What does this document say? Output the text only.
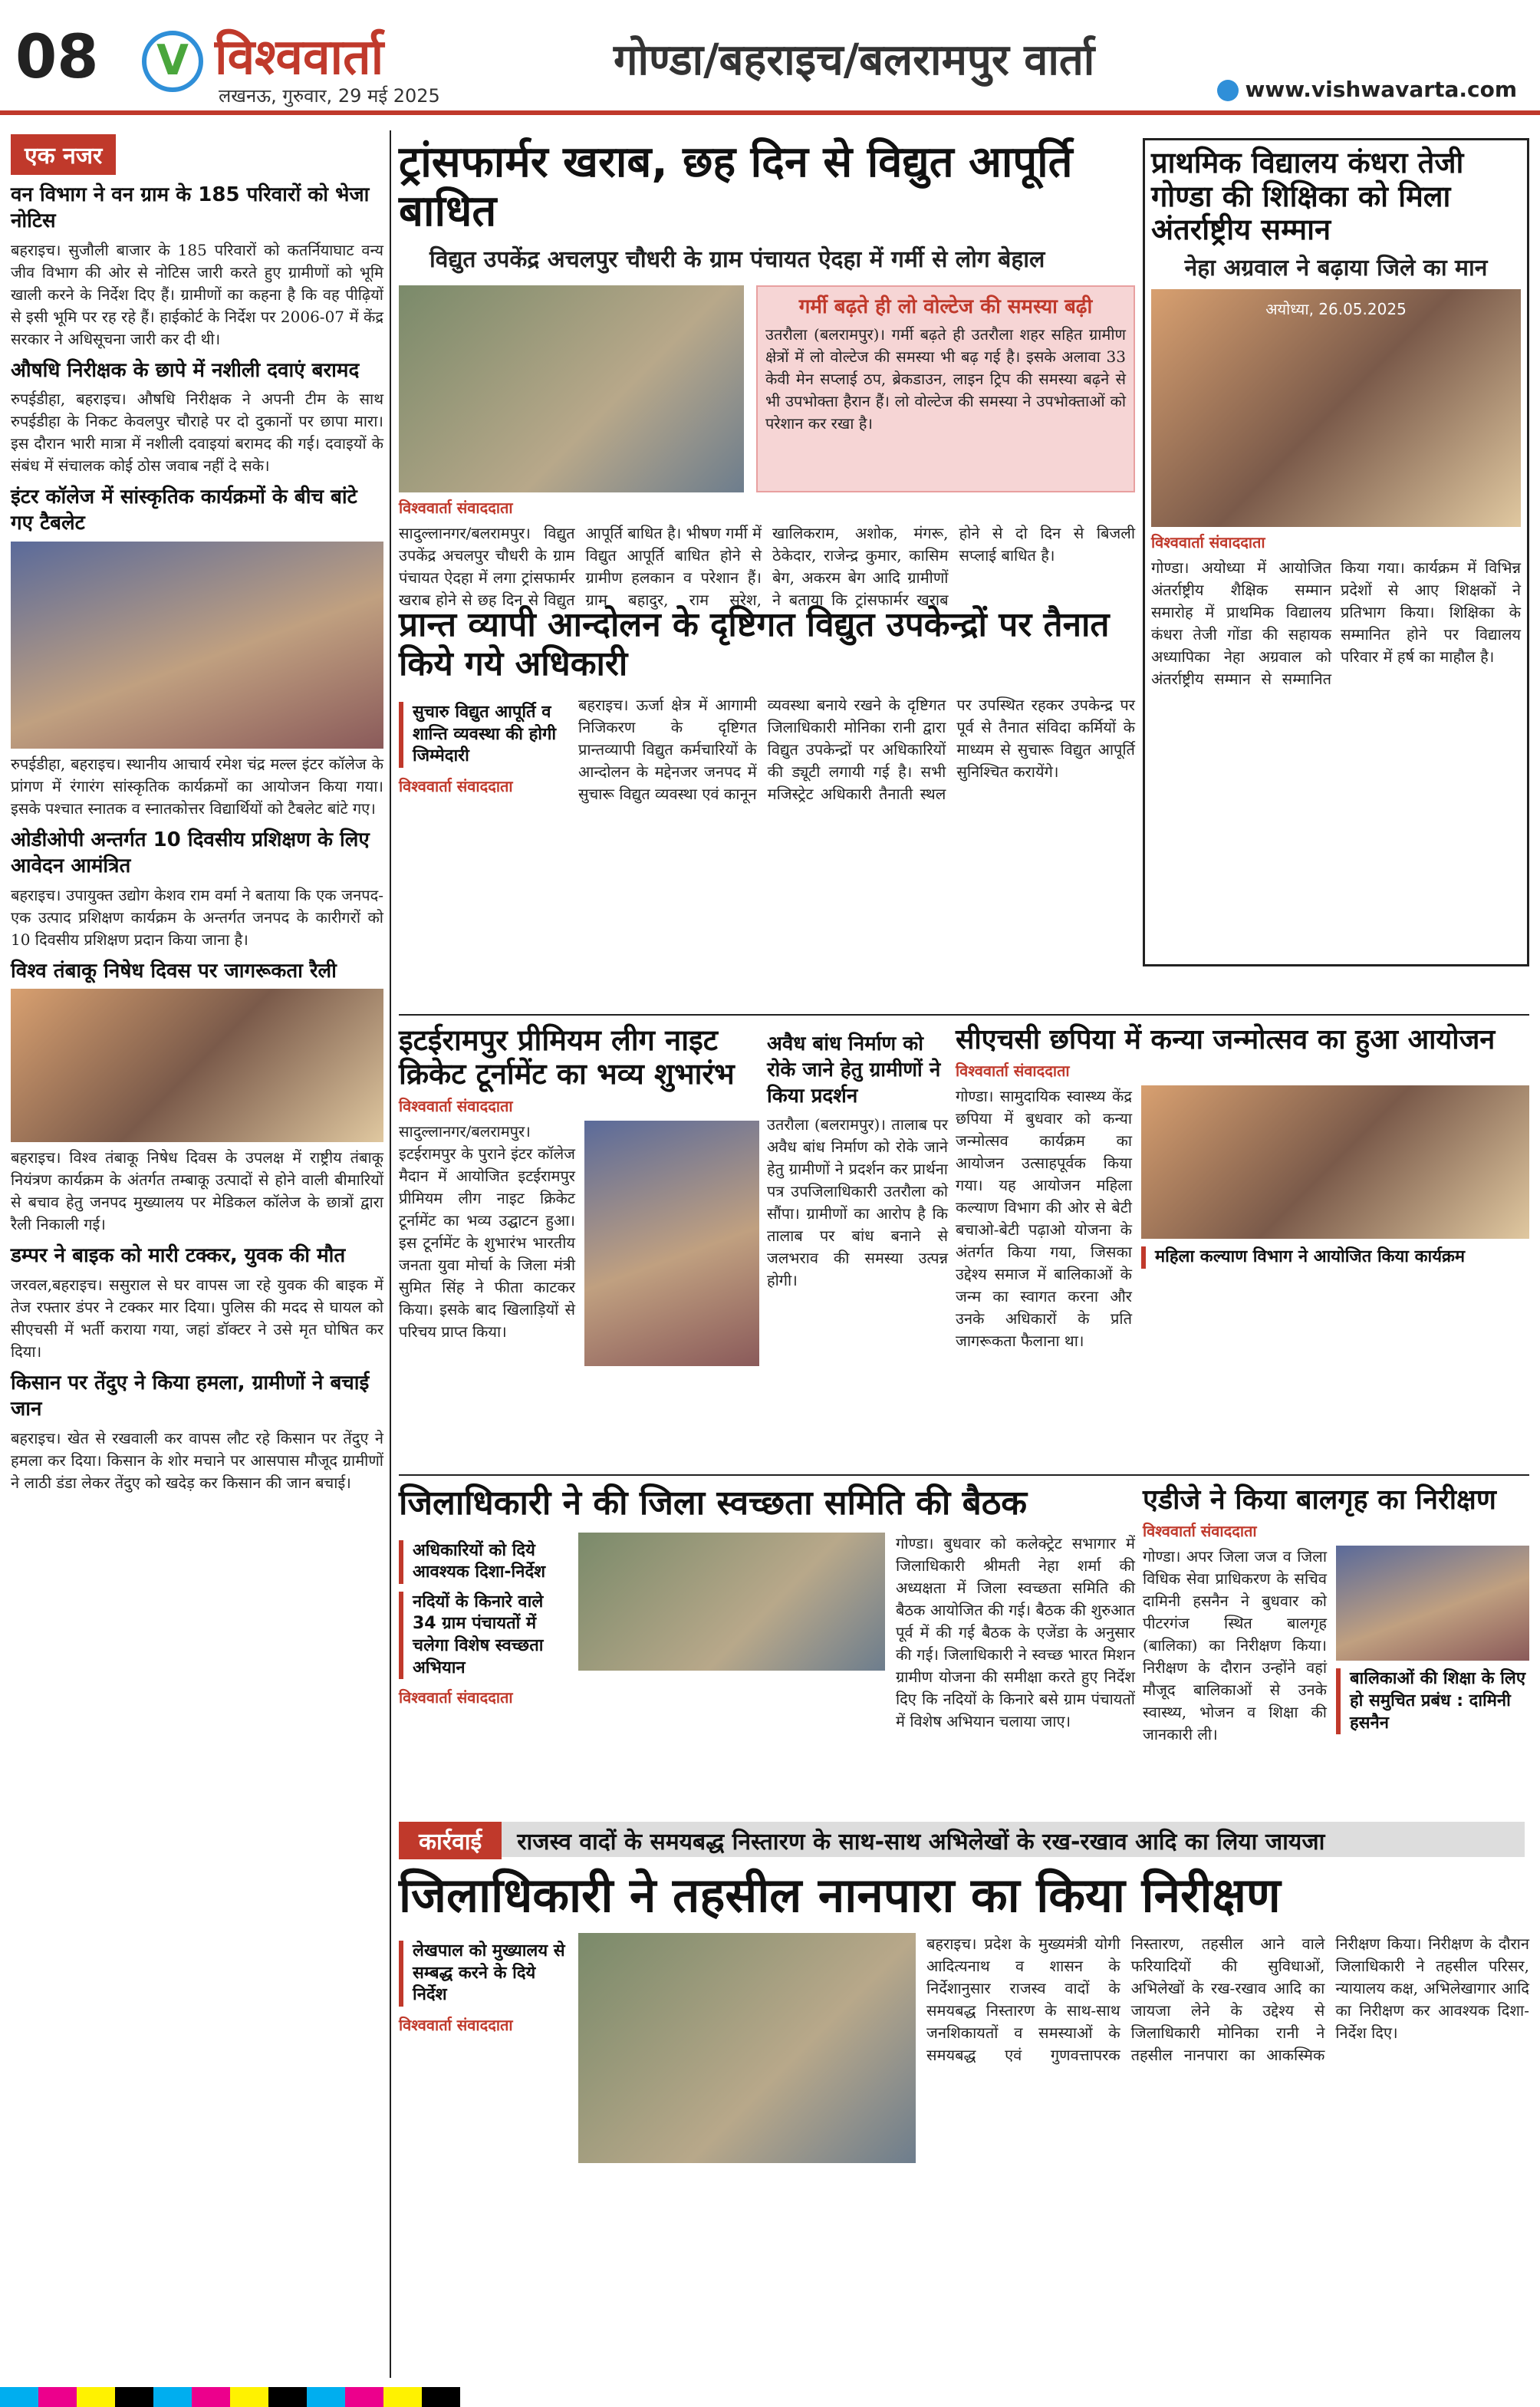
08 V विश्ववार्ता
लखनऊ, गुरुवार, 29 मई 2025
गोण्डा/बहराइच/बलरामपुर वार्ता
www.vishwavarta.com
एक नजर
वन विभाग ने वन ग्राम के 185 परिवारों को भेजा नोटिस
बहराइच। सुजौली बाजार के 185 परिवारों को कतर्नियाघाट वन्य जीव विभाग की ओर से नोटिस जारी करते हुए ग्रामीणों को भूमि खाली करने के निर्देश दिए हैं। ग्रामीणों का कहना है कि वह पीढ़ियों से इसी भूमि पर रह रहे हैं। हाईकोर्ट के निर्देश पर 2006-07 में केंद्र सरकार ने अधिसूचना जारी कर दी थी।
औषधि निरीक्षक के छापे में नशीली दवाएं बरामद
रुपईडीहा, बहराइच। औषधि निरीक्षक ने अपनी टीम के साथ रुपईडीहा के निकट केवलपुर चौराहे पर दो दुकानों पर छापा मारा। इस दौरान भारी मात्रा में नशीली दवाइयां बरामद की गई। दवाइयों के संबंध में संचालक कोई ठोस जवाब नहीं दे सके।
इंटर कॉलेज में सांस्कृतिक कार्यक्रमों के बीच बांटे गए टैबलेट
रुपईडीहा, बहराइच। स्थानीय आचार्य रमेश चंद्र मल्ल इंटर कॉलेज के प्रांगण में रंगारंग सांस्कृतिक कार्यक्रमों का आयोजन किया गया। इसके पश्चात स्नातक व स्नातकोत्तर विद्यार्थियों को टैबलेट बांटे गए।
ओडीओपी अन्तर्गत 10 दिवसीय प्रशिक्षण के लिए आवेदन आमंत्रित
बहराइच। उपायुक्त उद्योग केशव राम वर्मा ने बताया कि एक जनपद-एक उत्पाद प्रशिक्षण कार्यक्रम के अन्तर्गत जनपद के कारीगरों को 10 दिवसीय प्रशिक्षण प्रदान किया जाना है।
विश्व तंबाकू निषेध दिवस पर जागरूकता रैली
बहराइच। विश्व तंबाकू निषेध दिवस के उपलक्ष में राष्ट्रीय तंबाकू नियंत्रण कार्यक्रम के अंतर्गत तम्बाकू उत्पादों से होने वाली बीमारियों से बचाव हेतु जनपद मुख्यालय पर मेडिकल कॉलेज के छात्रों द्वारा रैली निकाली गई।
डम्पर ने बाइक को मारी टक्कर, युवक की मौत
जरवल,बहराइच। ससुराल से घर वापस जा रहे युवक की बाइक में तेज रफ्तार डंपर ने टक्कर मार दिया। पुलिस की मदद से घायल को सीएचसी में भर्ती कराया गया, जहां डॉक्टर ने उसे मृत घोषित कर दिया।
किसान पर तेंदुए ने किया हमला, ग्रामीणों ने बचाई जान
बहराइच। खेत से रखवाली कर वापस लौट रहे किसान पर तेंदुए ने हमला कर दिया। किसान के शोर मचाने पर आसपास मौजूद ग्रामीणों ने लाठी डंडा लेकर तेंदुए को खदेड़ कर किसान की जान बचाई।
ट्रांसफार्मर खराब, छह दिन से विद्युत आपूर्ति बाधित
विद्युत उपकेंद्र अचलपुर चौधरी के ग्राम पंचायत ऐदहा में गर्मी से लोग बेहाल
गर्मी बढ़ते ही लो वोल्टेज की समस्या बढ़ी
उतरौला (बलरामपुर)। गर्मी बढ़ते ही उतरौला शहर सहित ग्रामीण क्षेत्रों में लो वोल्टेज की समस्या भी बढ़ गई है। इसके अलावा 33 केवी मेन सप्लाई ठप, ब्रेकडाउन, लाइन ट्रिप की समस्या बढ़ने से भी उपभोक्ता हैरान हैं। लो वोल्टेज की समस्या ने उपभोक्ताओं को परेशान कर रखा है।
विश्ववार्ता संवाददाता
सादुल्लानगर/बलरामपुर। विद्युत उपकेंद्र अचलपुर चौधरी के ग्राम पंचायत ऐदहा में लगा ट्रांसफार्मर खराब होने से छह दिन से विद्युत आपूर्ति बाधित है। भीषण गर्मी में विद्युत आपूर्ति बाधित होने से ग्रामीण हलकान व परेशान हैं। ग्राम बहादुर, राम सुरेश, खालिकराम, अशोक, मंगरू, ठेकेदार, राजेन्द्र कुमार, कासिम बेग, अकरम बेग आदि ग्रामीणों ने बताया कि ट्रांसफार्मर खराब होने से दो दिन से बिजली सप्लाई बाधित है।
प्रान्त व्यापी आन्दोलन के दृष्टिगत विद्युत उपकेन्द्रों पर तैनात किये गये अधिकारी
सुचारु विद्युत आपूर्ति व शान्ति व्यवस्था की होगी जिम्मेदारी
विश्ववार्ता संवाददाता
बहराइच। ऊर्जा क्षेत्र में आगामी निजिकरण के दृष्टिगत प्रान्तव्यापी विद्युत कर्मचारियों के आन्दोलन के मद्देनजर जनपद में सुचारू विद्युत व्यवस्था एवं कानून व्यवस्था बनाये रखने के दृष्टिगत जिलाधिकारी मोनिका रानी द्वारा विद्युत उपकेन्द्रों पर अधिकारियों की ड्यूटी लगायी गई है। सभी मजिस्ट्रेट अधिकारी तैनाती स्थल पर उपस्थित रहकर उपकेन्द्र पर पूर्व से तैनात संविदा कर्मियों के माध्यम से सुचारू विद्युत आपूर्ति सुनिश्चित करायेंगे।
प्राथमिक विद्यालय कंधरा तेजी गोण्डा की शिक्षिका को मिला अंतर्राष्ट्रीय सम्मान
नेहा अग्रवाल ने बढ़ाया जिले का मान
अयोध्या, 26.05.2025
विश्ववार्ता संवाददाता
गोण्डा। अयोध्या में आयोजित अंतर्राष्ट्रीय शैक्षिक सम्मान समारोह में प्राथमिक विद्यालय कंधरा तेजी गोंडा की सहायक अध्यापिका नेहा अग्रवाल को अंतर्राष्ट्रीय सम्मान से सम्मानित किया गया। कार्यक्रम में विभिन्न प्रदेशों से आए शिक्षकों ने प्रतिभाग किया। शिक्षिका के सम्मानित होने पर विद्यालय परिवार में हर्ष का माहौल है।
इटईरामपुर प्रीमियम लीग नाइट क्रिकेट टूर्नामेंट का भव्य शुभारंभ
विश्ववार्ता संवाददाता
सादुल्लानगर/बलरामपुर। इटईरामपुर के पुराने इंटर कॉलेज मैदान में आयोजित इटईरामपुर प्रीमियम लीग नाइट क्रिकेट टूर्नामेंट का भव्य उद्घाटन हुआ। इस टूर्नामेंट के शुभारंभ भारतीय जनता युवा मोर्चा के जिला मंत्री सुमित सिंह ने फीता काटकर किया। इसके बाद खिलाड़ियों से परिचय प्राप्त किया।
अवैध बांध निर्माण को रोके जाने हेतु ग्रामीणों ने किया प्रदर्शन
उतरौला (बलरामपुर)। तालाब पर अवैध बांध निर्माण को रोके जाने हेतु ग्रामीणों ने प्रदर्शन कर प्रार्थना पत्र उपजिलाधिकारी उतरौला को सौंपा। ग्रामीणों का आरोप है कि तालाब पर बांध बनाने से जलभराव की समस्या उत्पन्न होगी।
सीएचसी छपिया में कन्या जन्मोत्सव का हुआ आयोजन
विश्ववार्ता संवाददाता
गोण्डा। सामुदायिक स्वास्थ्य केंद्र छपिया में बुधवार को कन्या जन्मोत्सव कार्यक्रम का आयोजन उत्साहपूर्वक किया गया। यह आयोजन महिला कल्याण विभाग की ओर से बेटी बचाओ-बेटी पढ़ाओ योजना के अंतर्गत किया गया, जिसका उद्देश्य समाज में बालिकाओं के जन्म का स्वागत करना और उनके अधिकारों के प्रति जागरूकता फैलाना था।
महिला कल्याण विभाग ने आयोजित किया कार्यक्रम
जिलाधिकारी ने की जिला स्वच्छता समिति की बैठक
अधिकारियों को दिये आवश्यक दिशा-निर्देश
नदियों के किनारे वाले 34 ग्राम पंचायतों में चलेगा विशेष स्वच्छता अभियान
विश्ववार्ता संवाददाता
गोण्डा। बुधवार को कलेक्ट्रेट सभागार में जिलाधिकारी श्रीमती नेहा शर्मा की अध्यक्षता में जिला स्वच्छता समिति की बैठक आयोजित की गई। बैठक की शुरुआत पूर्व में की गई बैठक के एजेंडा के अनुसार की गई। जिलाधिकारी ने स्वच्छ भारत मिशन ग्रामीण योजना की समीक्षा करते हुए निर्देश दिए कि नदियों के किनारे बसे ग्राम पंचायतों में विशेष अभियान चलाया जाए।
एडीजे ने किया बालगृह का निरीक्षण
विश्ववार्ता संवाददाता
गोण्डा। अपर जिला जज व जिला विधिक सेवा प्राधिकरण के सचिव दामिनी हसनैन ने बुधवार को पीटरगंज स्थित बालगृह (बालिका) का निरीक्षण किया। निरीक्षण के दौरान उन्होंने वहां मौजूद बालिकाओं से उनके स्वास्थ्य, भोजन व शिक्षा की जानकारी ली।
बालिकाओं की शिक्षा के लिए हो समुचित प्रबंध : दामिनी हसनैन
कार्रवाई राजस्व वादों के समयबद्ध निस्तारण के साथ-साथ अभिलेखों के रख-रखाव आदि का लिया जायजा
जिलाधिकारी ने तहसील नानपारा का किया निरीक्षण
लेखपाल को मुख्यालय से सम्बद्ध करने के दिये निर्देश
विश्ववार्ता संवाददाता
बहराइच। प्रदेश के मुख्यमंत्री योगी आदित्यनाथ व शासन के निर्देशानुसार राजस्व वादों के समयबद्ध निस्तारण के साथ-साथ जनशिकायतों व समस्याओं के समयबद्ध एवं गुणवत्तापरक निस्तारण, तहसील आने वाले फरियादियों की सुविधाओं, अभिलेखों के रख-रखाव आदि का जायजा लेने के उद्देश्य से जिलाधिकारी मोनिका रानी ने तहसील नानपारा का आकस्मिक निरीक्षण किया। निरीक्षण के दौरान जिलाधिकारी ने तहसील परिसर, न्यायालय कक्ष, अभिलेखागार आदि का निरीक्षण कर आवश्यक दिशा-निर्देश दिए।
